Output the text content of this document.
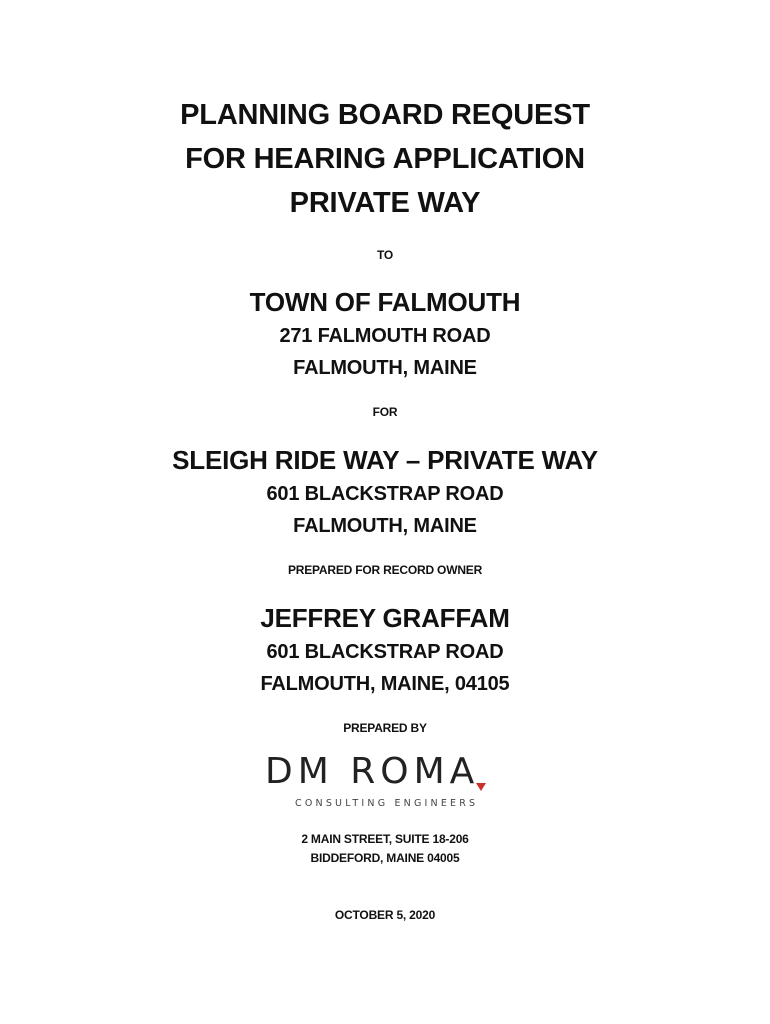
PLANNING BOARD REQUEST
FOR HEARING APPLICATION
PRIVATE WAY
TO
TOWN OF FALMOUTH
271 FALMOUTH ROAD
FALMOUTH, MAINE
FOR
SLEIGH RIDE WAY – PRIVATE WAY
601 BLACKSTRAP ROAD
FALMOUTH, MAINE
PREPARED FOR RECORD OWNER
JEFFREY GRAFFAM
601 BLACKSTRAP ROAD
FALMOUTH, MAINE, 04105
PREPARED BY
DM ROMA
CONSULTING ENGINEERS
2 MAIN STREET, SUITE 18-206
BIDDEFORD, MAINE 04005
OCTOBER 5, 2020
